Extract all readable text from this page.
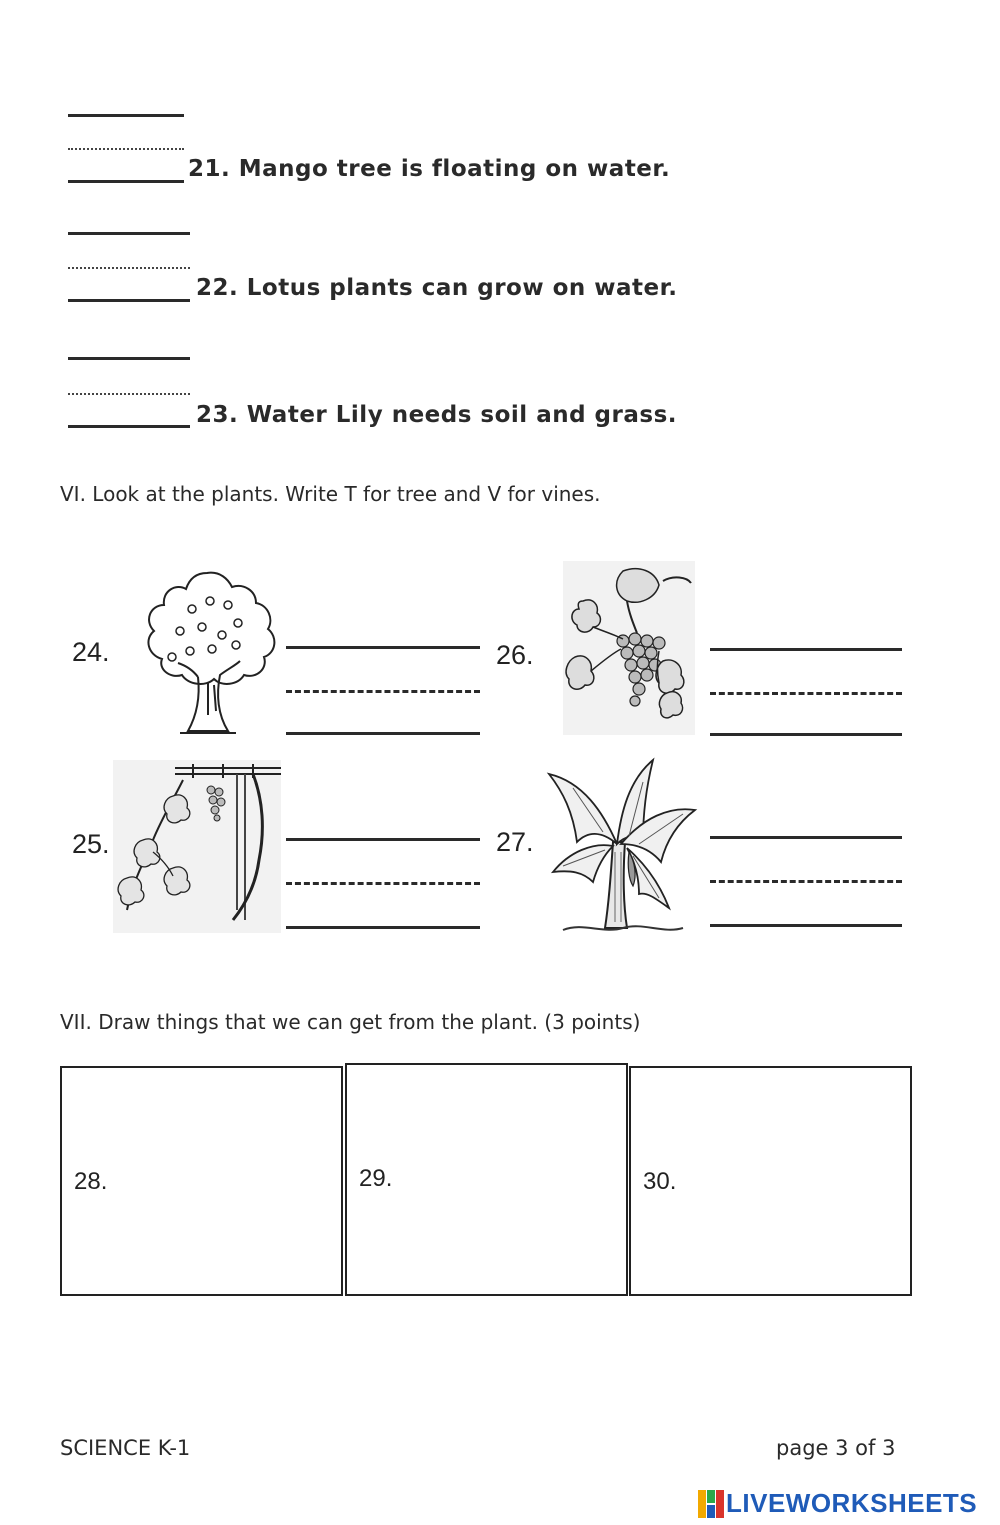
21. Mango tree is floating on water.
22. Lotus plants can grow on water.
23. Water Lily needs soil and grass.
VI. Look at the plants. Write T for tree and V for vines.
24.	26.
25.	27.
VII. Draw things that we can get from the plant. (3 points)
28.	29.	30.
SCIENCE K-1	page 3 of 3
LIVEWORKSHEETS
